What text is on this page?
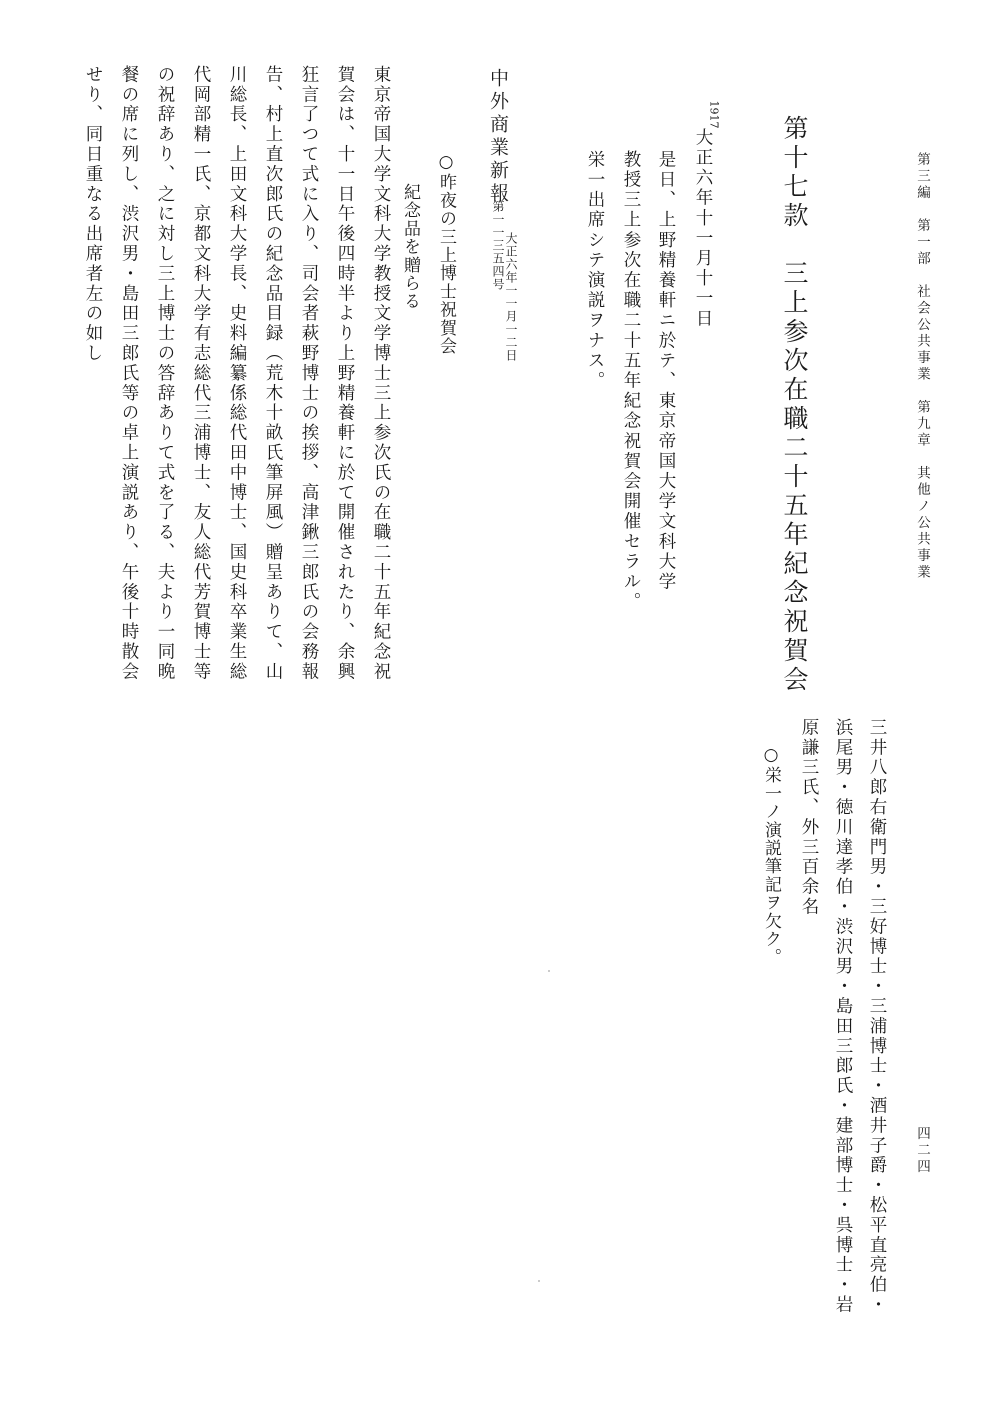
第三編　第一部　社会公共事業　第九章　其他ノ公共事業
四二四
第十七款　三上参次在職二十五年紀念祝賀会
1917
大正六年十一月十一日
是日、上野精養軒ニ於テ、東京帝国大学文科大学
教授三上参次在職二十五年紀念祝賀会開催セラル。
栄一出席シテ演説ヲナス。
中外商業新報
第一一三五四号 大正六年一一月一二日
○昨夜の三上博士祝賀会
紀念品を贈らる
東京帝国大学文科大学教授文学博士三上参次氏の在職二十五年紀念祝
賀会は、十一日午後四時半より上野精養軒に於て開催されたり、余興
狂言了つて式に入り、司会者萩野博士の挨拶、高津鍬三郎氏の会務報
告、村上直次郎氏の紀念品目録（荒木十畝氏筆屏風）贈呈ありて、山
川総長、上田文科大学長、史料編纂係総代田中博士、国史科卒業生総
代岡部精一氏、京都文科大学有志総代三浦博士、友人総代芳賀博士等
の祝辞あり、之に対し三上博士の答辞ありて式を了る、夫より一同晩
餐の席に列し、渋沢男・島田三郎氏等の卓上演説あり、午後十時散会
せり、同日重なる出席者左の如し
三井八郎右衛門男・三好博士・三浦博士・酒井子爵・松平直亮伯・
浜尾男・徳川達孝伯・渋沢男・島田三郎氏・建部博士・呉博士・岩
原謙三氏、外三百余名
○栄一ノ演説筆記ヲ欠ク。
